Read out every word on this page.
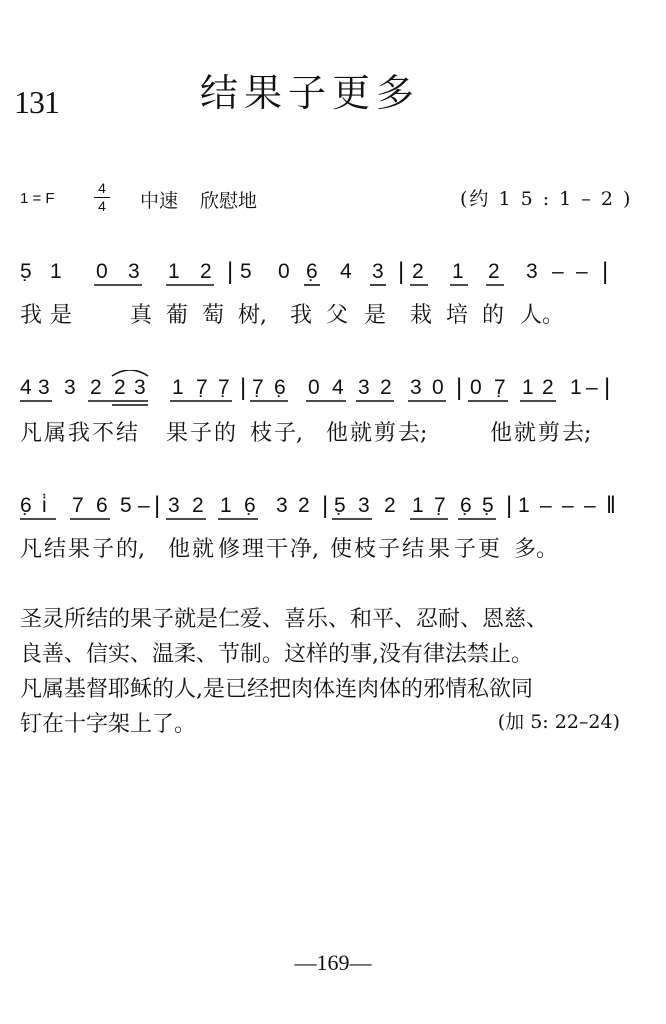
131	结果子更多
1 = F
4
4 中速 欣慰地	(约 1 5 : 1 – 2 )
5̣ 1 0 3 1 2 | 5 0 6̣ 4 3 | 2 1 2 3 – – |
我 是	真 葡 萄 树, 我 父 是 栽 培 的 人。
4 3 3 2 2 3 1 7̣ 7̣ | 7̣ 6̣ 0 4 3 2 3 0 | 0 7̣ 1 2 1 – |
凡 属 我 不 结 果 子 的 枝 子, 他 就 剪 去;	他 就 剪 去;
6̣ i̇ 7 6 5 – | 3 2 1 6̣ 3 2 | 5̣ 3 2 1 7̣ 6̣ 5̣ | 1 – – – ‖
凡 结 果 子 的, 他 就 修 理 干 净, 使 枝 子 结 果 子 更 多。
圣灵所结的果子就是仁爱、喜乐、和平、忍耐、恩慈、
良善、信实、温柔、节制。这样的事,没有律法禁止。
凡属基督耶稣的人,是已经把肉体连肉体的邪情私欲同
钉在十字架上了。	(加 5: 22–24)
—169—
